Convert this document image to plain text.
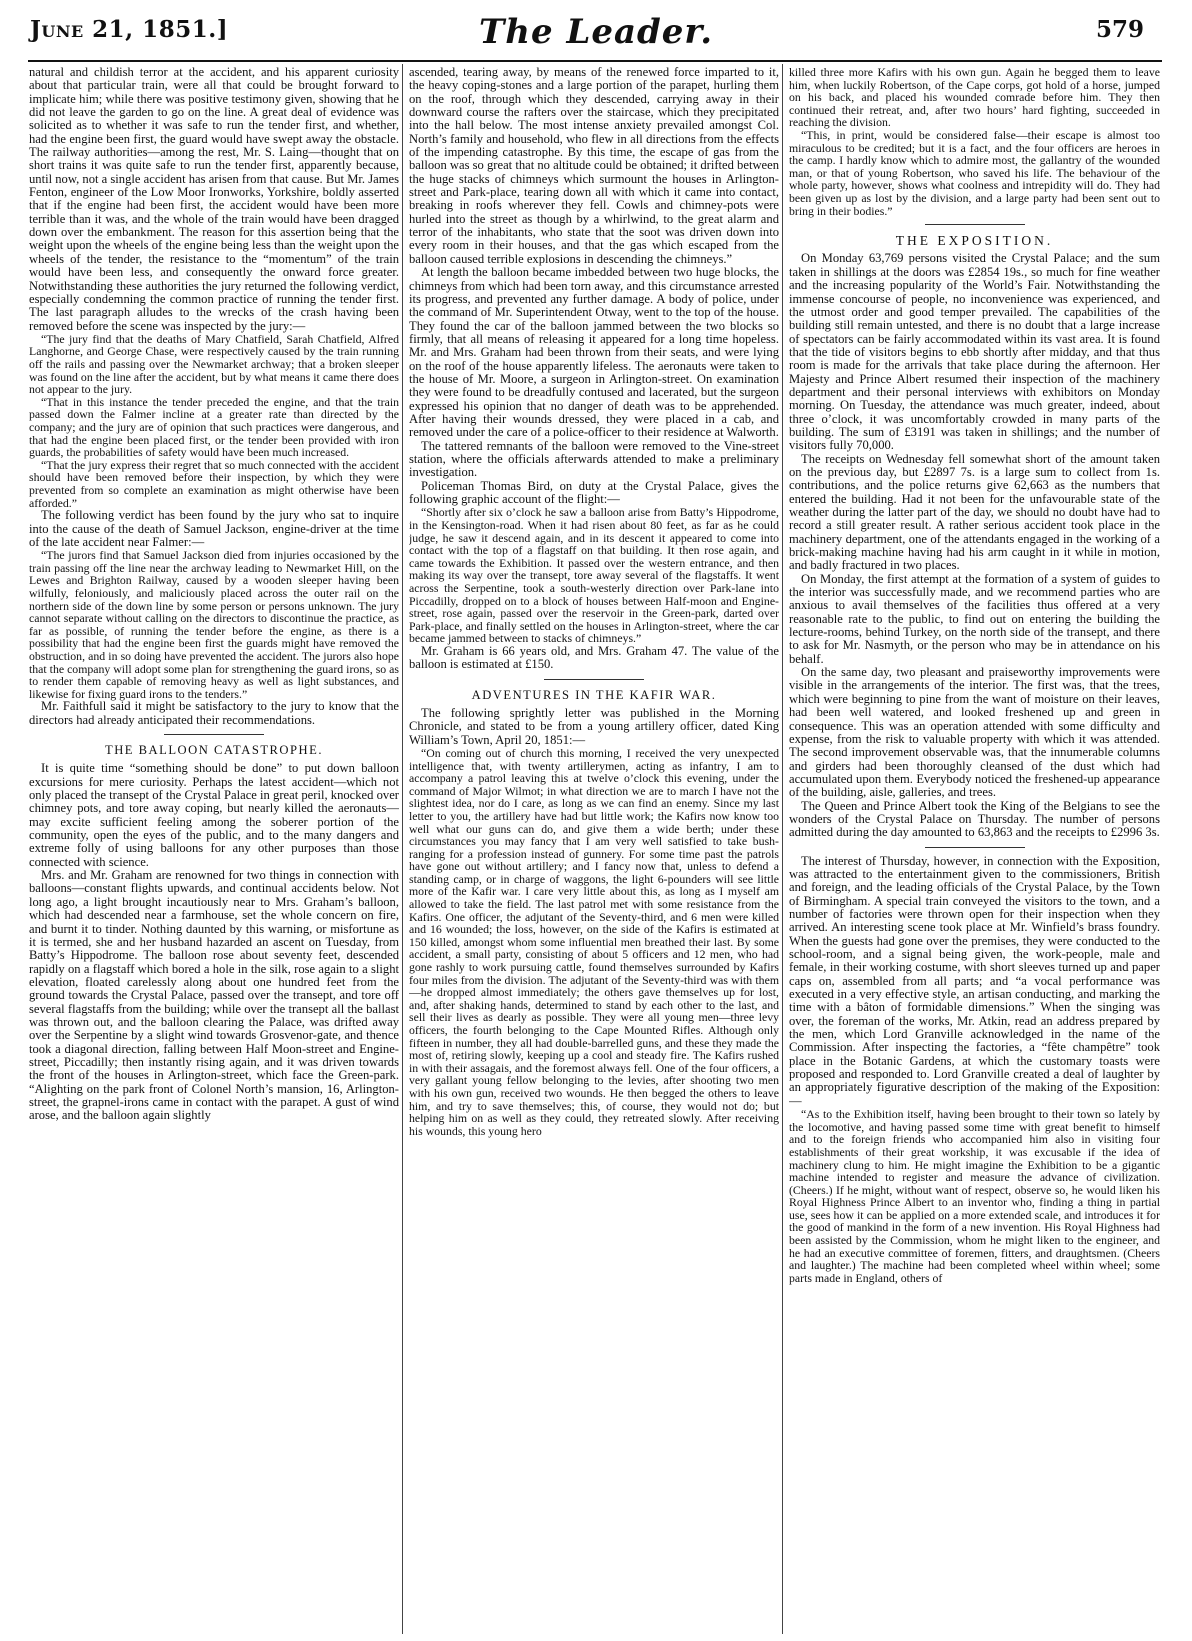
June 21, 1851.]	The Leader.	579

natural and childish terror at the accident, and his apparent curiosity about that particular train, were all that could be brought forward to implicate him; while there was positive testimony given, showing that he did not leave the garden to go on the line. A great deal of evidence was solicited as to whether it was safe to run the tender first, and whether, had the engine been first, the guard would have swept away the obstacle. The railway authorities—among the rest, Mr. S. Laing—thought that on short trains it was quite safe to run the tender first, apparently because, until now, not a single accident has arisen from that cause. But Mr. James Fenton, engineer of the Low Moor Ironworks, Yorkshire, boldly asserted that if the engine had been first, the accident would have been more terrible than it was, and the whole of the train would have been dragged down over the embankment. The reason for this assertion being that the weight upon the wheels of the engine being less than the weight upon the wheels of the tender, the resistance to the “momentum” of the train would have been less, and consequently the onward force greater. Notwithstanding these authorities the jury returned the following verdict, especially condemning the common practice of running the tender first. The last paragraph alludes to the wrecks of the crash having been removed before the scene was inspected by the jury:—

“The jury find that the deaths of Mary Chatfield, Sarah Chatfield, Alfred Langhorne, and George Chase, were respectively caused by the train running off the rails and passing over the Newmarket archway; that a broken sleeper was found on the line after the accident, but by what means it came there does not appear to the jury.

“That in this instance the tender preceded the engine, and that the train passed down the Falmer incline at a greater rate than directed by the company; and the jury are of opinion that such practices were dangerous, and that had the engine been placed first, or the tender been provided with iron guards, the probabilities of safety would have been much increased.

“That the jury express their regret that so much connected with the accident should have been removed before their inspection, by which they were prevented from so complete an examination as might otherwise have been afforded.”

The following verdict has been found by the jury who sat to inquire into the cause of the death of Samuel Jackson, engine-driver at the time of the late accident near Falmer:—

“The jurors find that Samuel Jackson died from injuries occasioned by the train passing off the line near the archway leading to Newmarket Hill, on the Lewes and Brighton Railway, caused by a wooden sleeper having been wilfully, feloniously, and maliciously placed across the outer rail on the northern side of the down line by some person or persons unknown. The jury cannot separate without calling on the directors to discontinue the practice, as far as possible, of running the tender before the engine, as there is a possibility that had the engine been first the guards might have removed the obstruction, and in so doing have prevented the accident. The jurors also hope that the company will adopt some plan for strengthening the guard irons, so as to render them capable of removing heavy as well as light substances, and likewise for fixing guard irons to the tenders.”

Mr. Faithfull said it might be satisfactory to the jury to know that the directors had already anticipated their recommendations.

THE BALLOON CATASTROPHE.

It is quite time “something should be done” to put down balloon excursions for mere curiosity. Perhaps the latest accident—which not only placed the transept of the Crystal Palace in great peril, knocked over chimney pots, and tore away coping, but nearly killed the aeronauts—may excite sufficient feeling among the soberer portion of the community, open the eyes of the public, and to the many dangers and extreme folly of using balloons for any other purposes than those connected with science.

Mrs. and Mr. Graham are renowned for two things in connection with balloons—constant flights upwards, and continual accidents below. Not long ago, a light brought incautiously near to Mrs. Graham’s balloon, which had descended near a farmhouse, set the whole concern on fire, and burnt it to tinder. Nothing daunted by this warning, or misfortune as it is termed, she and her husband hazarded an ascent on Tuesday, from Batty’s Hippodrome. The balloon rose about seventy feet, descended rapidly on a flagstaff which bored a hole in the silk, rose again to a slight elevation, floated carelessly along about one hundred feet from the ground towards the Crystal Palace, passed over the transept, and tore off several flagstaffs from the building; while over the transept all the ballast was thrown out, and the balloon clearing the Palace, was drifted away over the Serpentine by a slight wind towards Grosvenor-gate, and thence took a diagonal direction, falling between Half Moon-street and Engine-street, Piccadilly; then instantly rising again, and it was driven towards the front of the houses in Arlington-street, which face the Green-park. “Alighting on the park front of Colonel North’s mansion, 16, Arlington-street, the grapnel-irons came in contact with the parapet. A gust of wind arose, and the balloon again slightly

ascended, tearing away, by means of the renewed force imparted to it, the heavy coping-stones and a large portion of the parapet, hurling them on the roof, through which they descended, carrying away in their downward course the rafters over the staircase, which they precipitated into the hall below. The most intense anxiety prevailed amongst Col. North’s family and household, who flew in all directions from the effects of the impending catastrophe. By this time, the escape of gas from the balloon was so great that no altitude could be obtained; it drifted between the huge stacks of chimneys which surmount the houses in Arlington-street and Park-place, tearing down all with which it came into contact, breaking in roofs wherever they fell. Cowls and chimney-pots were hurled into the street as though by a whirlwind, to the great alarm and terror of the inhabitants, who state that the soot was driven down into every room in their houses, and that the gas which escaped from the balloon caused terrible explosions in descending the chimneys.”

At length the balloon became imbedded between two huge blocks, the chimneys from which had been torn away, and this circumstance arrested its progress, and prevented any further damage. A body of police, under the command of Mr. Superintendent Otway, went to the top of the house. They found the car of the balloon jammed between the two blocks so firmly, that all means of releasing it appeared for a long time hopeless. Mr. and Mrs. Graham had been thrown from their seats, and were lying on the roof of the house apparently lifeless. The aeronauts were taken to the house of Mr. Moore, a surgeon in Arlington-street. On examination they were found to be dreadfully contused and lacerated, but the surgeon expressed his opinion that no danger of death was to be apprehended. After having their wounds dressed, they were placed in a cab, and removed under the care of a police-officer to their residence at Walworth.

The tattered remnants of the balloon were removed to the Vine-street station, where the officials afterwards attended to make a preliminary investigation.

Policeman Thomas Bird, on duty at the Crystal Palace, gives the following graphic account of the flight:—

“Shortly after six o’clock he saw a balloon arise from Batty’s Hippodrome, in the Kensington-road. When it had risen about 80 feet, as far as he could judge, he saw it descend again, and in its descent it appeared to come into contact with the top of a flagstaff on that building. It then rose again, and came towards the Exhibition. It passed over the western entrance, and then making its way over the transept, tore away several of the flagstaffs. It went across the Serpentine, took a south-westerly direction over Park-lane into Piccadilly, dropped on to a block of houses between Half-moon and Engine-street, rose again, passed over the reservoir in the Green-park, darted over Park-place, and finally settled on the houses in Arlington-street, where the car became jammed between to stacks of chimneys.”

Mr. Graham is 66 years old, and Mrs. Graham 47. The value of the balloon is estimated at £150.

ADVENTURES IN THE KAFIR WAR.

The following sprightly letter was published in the Morning Chronicle, and stated to be from a young artillery officer, dated King William’s Town, April 20, 1851:—

“On coming out of church this morning, I received the very unexpected intelligence that, with twenty artillerymen, acting as infantry, I am to accompany a patrol leaving this at twelve o’clock this evening, under the command of Major Wilmot; in what direction we are to march I have not the slightest idea, nor do I care, as long as we can find an enemy. Since my last letter to you, the artillery have had but little work; the Kafirs now know too well what our guns can do, and give them a wide berth; under these circumstances you may fancy that I am very well satisfied to take bush-ranging for a profession instead of gunnery. For some time past the patrols have gone out without artillery; and I fancy now that, unless to defend a standing camp, or in charge of waggons, the light 6-pounders will see little more of the Kafir war. I care very little about this, as long as I myself am allowed to take the field. The last patrol met with some resistance from the Kafirs. One officer, the adjutant of the Seventy-third, and 6 men were killed and 16 wounded; the loss, however, on the side of the Kafirs is estimated at 150 killed, amongst whom some influential men breathed their last. By some accident, a small party, consisting of about 5 officers and 12 men, who had gone rashly to work pursuing cattle, found themselves surrounded by Kafirs four miles from the division. The adjutant of the Seventy-third was with them—he dropped almost immediately; the others gave themselves up for lost, and, after shaking hands, determined to stand by each other to the last, and sell their lives as dearly as possible. They were all young men—three levy officers, the fourth belonging to the Cape Mounted Rifles. Although only fifteen in number, they all had double-barrelled guns, and these they made the most of, retiring slowly, keeping up a cool and steady fire. The Kafirs rushed in with their assagais, and the foremost always fell. One of the four officers, a very gallant young fellow belonging to the levies, after shooting two men with his own gun, received two wounds. He then begged the others to leave him, and try to save themselves; this, of course, they would not do; but helping him on as well as they could, they retreated slowly. After receiving his wounds, this young hero

killed three more Kafirs with his own gun. Again he begged them to leave him, when luckily Robertson, of the Cape corps, got hold of a horse, jumped on his back, and placed his wounded comrade before him. They then continued their retreat, and, after two hours’ hard fighting, succeeded in reaching the division.

“This, in print, would be considered false—their escape is almost too miraculous to be credited; but it is a fact, and the four officers are heroes in the camp. I hardly know which to admire most, the gallantry of the wounded man, or that of young Robertson, who saved his life. The behaviour of the whole party, however, shows what coolness and intrepidity will do. They had been given up as lost by the division, and a large party had been sent out to bring in their bodies.”

THE EXPOSITION.

On Monday 63,769 persons visited the Crystal Palace; and the sum taken in shillings at the doors was £2854 19s., so much for fine weather and the increasing popularity of the World’s Fair. Notwithstanding the immense concourse of people, no inconvenience was experienced, and the utmost order and good temper prevailed. The capabilities of the building still remain untested, and there is no doubt that a large increase of spectators can be fairly accommodated within its vast area. It is found that the tide of visitors begins to ebb shortly after midday, and that thus room is made for the arrivals that take place during the afternoon. Her Majesty and Prince Albert resumed their inspection of the machinery department and their personal interviews with exhibitors on Monday morning. On Tuesday, the attendance was much greater, indeed, about three o’clock, it was uncomfortably crowded in many parts of the building. The sum of £3191 was taken in shillings; and the number of visitors fully 70,000.

The receipts on Wednesday fell somewhat short of the amount taken on the previous day, but £2897 7s. is a large sum to collect from 1s. contributions, and the police returns give 62,663 as the numbers that entered the building. Had it not been for the unfavourable state of the weather during the latter part of the day, we should no doubt have had to record a still greater result. A rather serious accident took place in the machinery department, one of the attendants engaged in the working of a brick-making machine having had his arm caught in it while in motion, and badly fractured in two places.

On Monday, the first attempt at the formation of a system of guides to the interior was successfully made, and we recommend parties who are anxious to avail themselves of the facilities thus offered at a very reasonable rate to the public, to find out on entering the building the lecture-rooms, behind Turkey, on the north side of the transept, and there to ask for Mr. Nasmyth, or the person who may be in attendance on his behalf.

On the same day, two pleasant and praiseworthy improvements were visible in the arrangements of the interior. The first was, that the trees, which were beginning to pine from the want of moisture on their leaves, had been well watered, and looked freshened up and green in consequence. This was an operation attended with some difficulty and expense, from the risk to valuable property with which it was attended. The second improvement observable was, that the innumerable columns and girders had been thoroughly cleansed of the dust which had accumulated upon them. Everybody noticed the freshened-up appearance of the building, aisle, galleries, and trees.

The Queen and Prince Albert took the King of the Belgians to see the wonders of the Crystal Palace on Thursday. The number of persons admitted during the day amounted to 63,863 and the receipts to £2996 3s.

The interest of Thursday, however, in connection with the Exposition, was attracted to the entertainment given to the commissioners, British and foreign, and the leading officials of the Crystal Palace, by the Town of Birmingham. A special train conveyed the visitors to the town, and a number of factories were thrown open for their inspection when they arrived. An interesting scene took place at Mr. Winfield’s brass foundry. When the guests had gone over the premises, they were conducted to the school-room, and a signal being given, the work-people, male and female, in their working costume, with short sleeves turned up and paper caps on, assembled from all parts; and “a vocal performance was executed in a very effective style, an artisan conducting, and marking the time with a bâton of formidable dimensions.” When the singing was over, the foreman of the works, Mr. Atkin, read an address prepared by the men, which Lord Granville acknowledged in the name of the Commission. After inspecting the factories, a “fête champêtre” took place in the Botanic Gardens, at which the customary toasts were proposed and responded to. Lord Granville created a deal of laughter by an appropriately figurative description of the making of the Exposition:—

“As to the Exhibition itself, having been brought to their town so lately by the locomotive, and having passed some time with great benefit to himself and to the foreign friends who accompanied him also in visiting four establishments of their great workship, it was excusable if the idea of machinery clung to him. He might imagine the Exhibition to be a gigantic machine intended to register and measure the advance of civilization. (Cheers.) If he might, without want of respect, observe so, he would liken his Royal Highness Prince Albert to an inventor who, finding a thing in partial use, sees how it can be applied on a more extended scale, and introduces it for the good of mankind in the form of a new invention. His Royal Highness had been assisted by the Commission, whom he might liken to the engineer, and he had an executive committee of foremen, fitters, and draughtsmen. (Cheers and laughter.) The machine had been completed wheel within wheel; some parts made in England, others of
